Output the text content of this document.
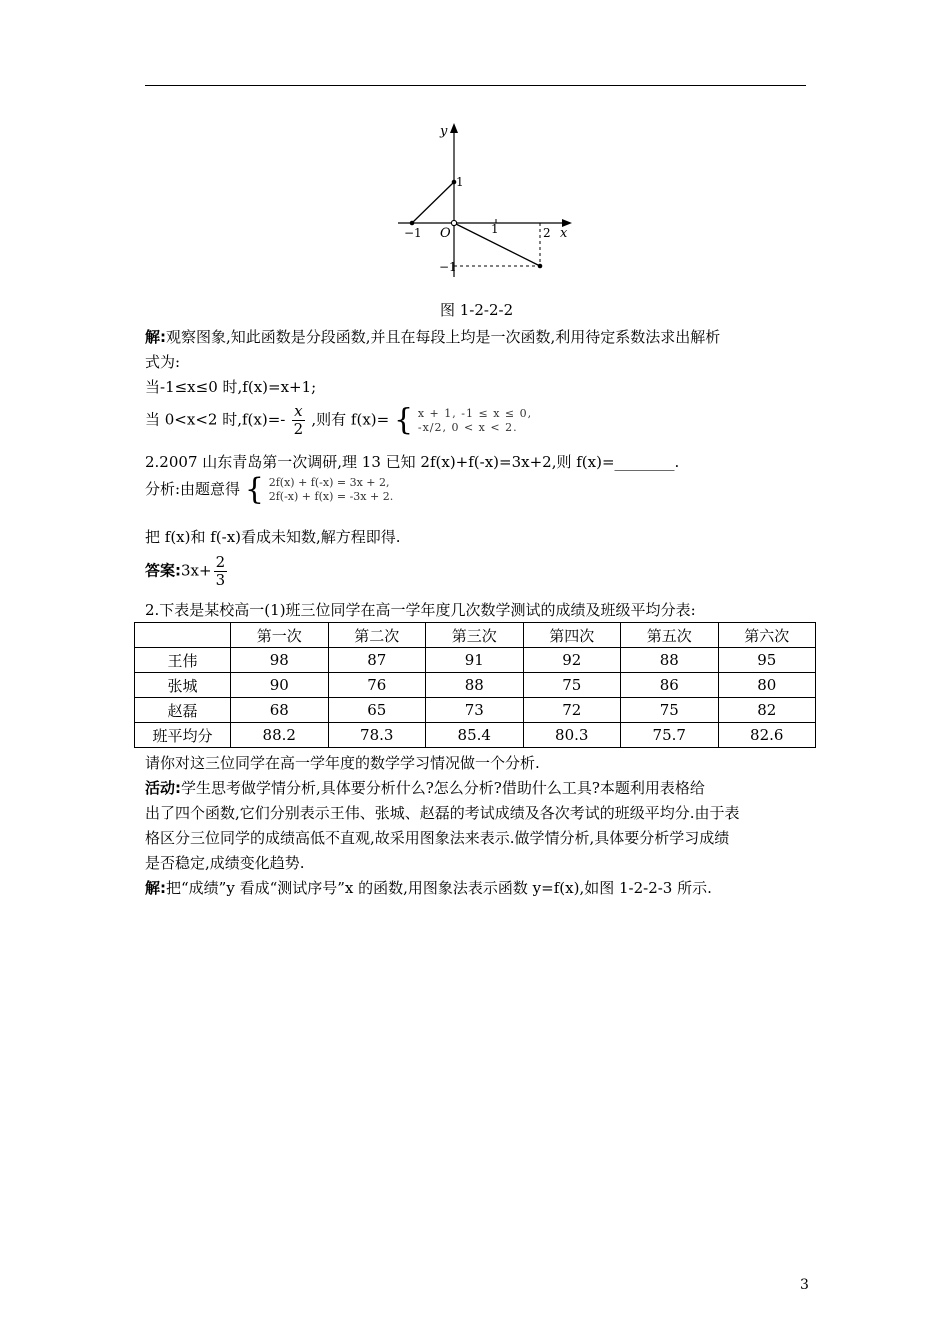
y
x
O
−1	1	2
1
−1
图 1-2-2-2
解:观察图象,知此函数是分段函数,并且在每段上均是一次函数,利用待定系数法求出解析
式为:
当-1≤x≤0 时,f(x)=x+1;
当 0<x<2 时$,f(x)=- \frac{x}{2}$ ,则有 f(x)= { x + 1, -1 ≤ x ≤ 0,
-x/2, 0 < x < 2.
2.2007 山东青岛第一次调研,理 13 已知 2f(x)+f(-x)=3x+2,则 f(x)=________.
分析:由题意得 { 2f(x) + f(-x) = 3x + 2,
2f(-x) + f(x) = -3x + 2.
把 f(x)和 f(-x)看成未知数,解方程即得.
答案:3x+ $\frac{2}{3}$
2.下表是某校高一(1)班三位同学在高一学年度几次数学测试的成绩及班级平均分表:
	第一次	第二次	第三次	第四次	第五次	第六次
王伟	98	87	91	92	88	95
张城	90	76	88	75	86	80
赵磊	68	65	73	72	75	82
班平均分	88.2	78.3	85.4	80.3	75.7	82.6
请你对这三位同学在高一学年度的数学学习情况做一个分析.
活动:学生思考做学情分析,具体要分析什么?怎么分析?借助什么工具?本题利用表格给
出了四个函数,它们分别表示王伟、张城、赵磊的考试成绩及各次考试的班级平均分.由于表
格区分三位同学的成绩高低不直观,故采用图象法来表示.做学情分析,具体要分析学习成绩
是否稳定,成绩变化趋势.
解:把“成绩”y 看成“测试序号”x 的函数,用图象法表示函数 y=f(x),如图 1-2-2-3 所示.
3
